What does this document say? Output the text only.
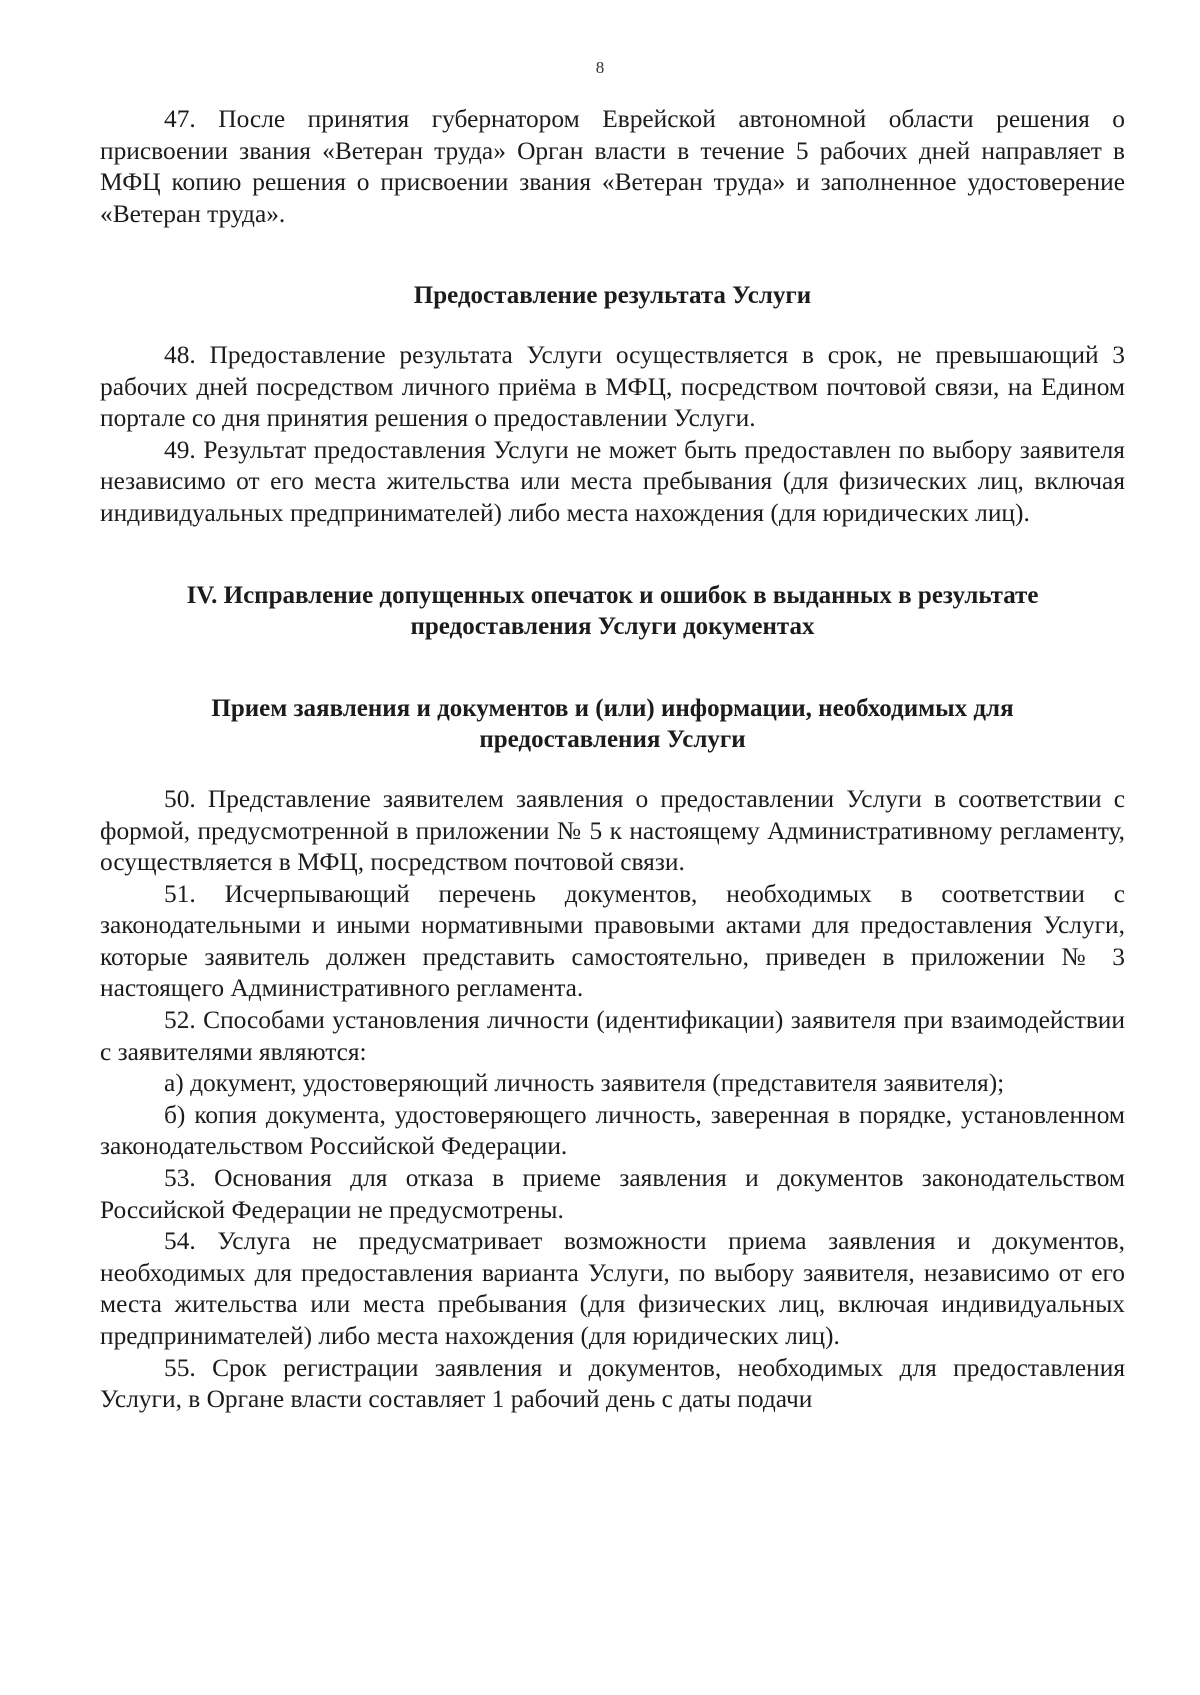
8

47. После принятия губернатором Еврейской автономной области решения о присвоении звания «Ветеран труда» Орган власти в течение 5 рабочих дней направляет в МФЦ копию решения о присвоении звания «Ветеран труда» и заполненное удостоверение «Ветеран труда».

Предоставление результата Услуги

48. Предоставление результата Услуги осуществляется в срок, не превышающий 3 рабочих дней посредством личного приёма в МФЦ, посредством почтовой связи, на Едином портале со дня принятия решения о предоставлении Услуги.

49. Результат предоставления Услуги не может быть предоставлен по выбору заявителя независимо от его места жительства или места пребывания (для физических лиц, включая индивидуальных предпринимателей) либо места нахождения (для юридических лиц).

IV. Исправление допущенных опечаток и ошибок в выданных в результате предоставления Услуги документах
Прием заявления и документов и (или) информации, необходимых для предоставления Услуги

50. Представление заявителем заявления о предоставлении Услуги в соответствии с формой, предусмотренной в приложении № 5 к настоящему Административному регламенту, осуществляется в МФЦ, посредством почтовой связи.

51. Исчерпывающий перечень документов, необходимых в соответствии с законодательными и иными нормативными правовыми актами для предоставления Услуги, которые заявитель должен представить самостоятельно, приведен в приложении № 3 настоящего Административного регламента.

52. Способами установления личности (идентификации) заявителя при взаимодействии с заявителями являются:

а) документ, удостоверяющий личность заявителя (представителя заявителя);

б) копия документа, удостоверяющего личность, заверенная в порядке, установленном законодательством Российской Федерации.

53. Основания для отказа в приеме заявления и документов законодательством Российской Федерации не предусмотрены.

54. Услуга не предусматривает возможности приема заявления и документов, необходимых для предоставления варианта Услуги, по выбору заявителя, независимо от его места жительства или места пребывания (для физических лиц, включая индивидуальных предпринимателей) либо места нахождения (для юридических лиц).

55. Срок регистрации заявления и документов, необходимых для предоставления Услуги, в Органе власти составляет 1 рабочий день с даты подачи
